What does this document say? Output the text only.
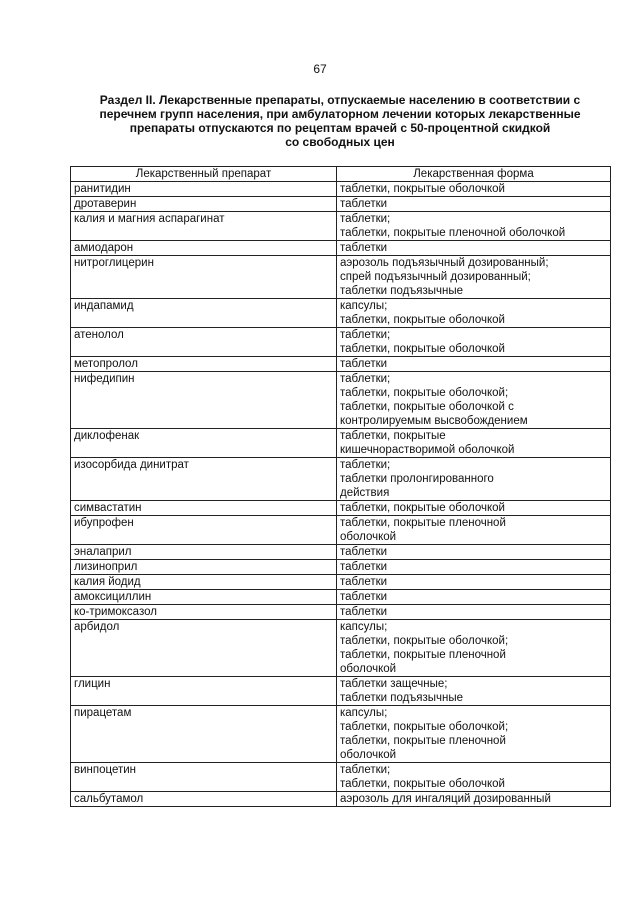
67
Раздел II. Лекарственные препараты, отпускаемые населению в соответствии с
перечнем групп населения, при амбулаторном лечении которых лекарственные
препараты отпускаются по рецептам врачей с 50-процентной скидкой
со свободных цен
Лекарственный препарат	Лекарственная форма
ранитидин	таблетки, покрытые оболочкой

дротаверин	таблетки

калия и магния аспарагинат	таблетки;
таблетки, покрытые пленочной оболочкой

амиодарон	таблетки

нитроглицерин	аэрозоль подъязычный дозированный;
спрей подъязычный дозированный;
таблетки подъязычные

индапамид	капсулы;
таблетки, покрытые оболочкой

атенолол	таблетки;
таблетки, покрытые оболочкой

метопролол	таблетки

нифедипин	таблетки;
таблетки, покрытые оболочкой;
таблетки, покрытые оболочкой с
контролируемым высвобождением

диклофенак	таблетки, покрытые
кишечнорастворимой оболочкой

изосорбида динитрат	таблетки;
таблетки пролонгированного
действия

симвастатин	таблетки, покрытые оболочкой

ибупрофен	таблетки, покрытые пленочной
оболочкой

эналаприл	таблетки

лизиноприл	таблетки

калия йодид	таблетки

амоксициллин	таблетки

ко-тримоксазол	таблетки

арбидол	капсулы;
таблетки, покрытые оболочкой;
таблетки, покрытые пленочной
оболочкой

глицин	таблетки защечные;
таблетки подъязычные

пирацетам	капсулы;
таблетки, покрытые оболочкой;
таблетки, покрытые пленочной
оболочкой

винпоцетин	таблетки;
таблетки, покрытые оболочкой

сальбутамол	аэрозоль для ингаляций дозированный
